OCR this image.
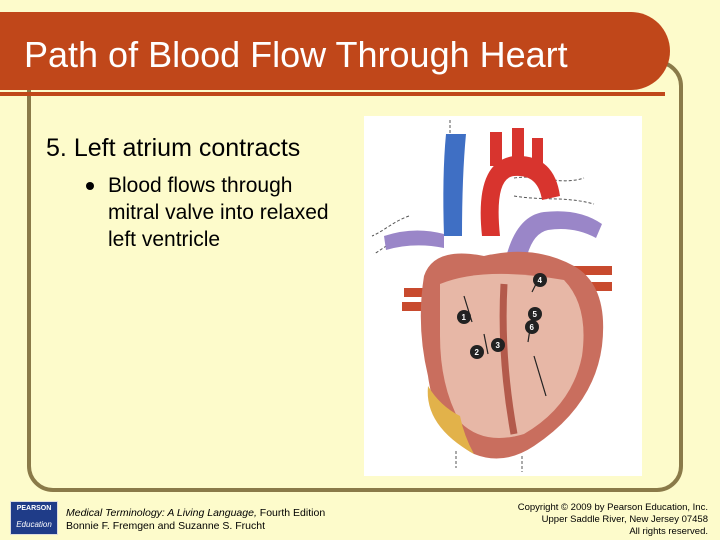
Path of Blood Flow Through Heart
5. Left atrium contracts
Blood flows through mitral valve into relaxed left ventricle
1
2
3
4
5
6
PEARSON
Education
Medical Terminology: A Living Language, Fourth Edition
Bonnie F. Fremgen and Suzanne S. Frucht
Copyright © 2009 by Pearson Education, Inc.
Upper Saddle River, New Jersey 07458
All rights reserved.
